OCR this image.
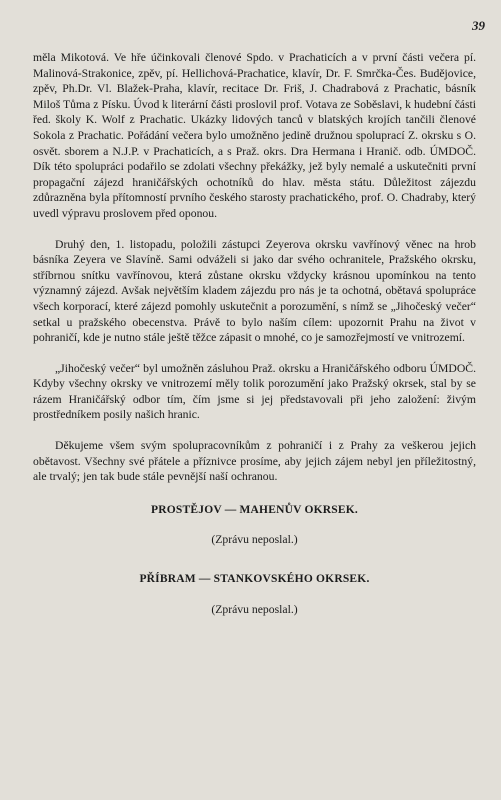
39

měla Mikotová. Ve hře účinkovali členové Spdo. v Prachaticích a v první části večera pí. Malinová-Strakonice, zpěv, pí. Hellichová-Prachatice, klavír, Dr. F. Smrčka-Čes. Budějovice, zpěv, Ph.Dr. Vl. Blažek-Praha, klavír, recitace Dr. Friš, J. Chadrabová z Prachatic, básník Miloš Tůma z Písku. Úvod k literární části proslovil prof. Votava ze Soběslavi, k hudební části řed. školy K. Wolf z Prachatic. Ukázky lidových tanců v blatských krojích tančili členové Sokola z Prachatic. Pořádání večera bylo umožněno jedině družnou spoluprací Z. okrsku s O. osvět. sborem a N.J.P. v Prachaticích, a s Praž. okrs. Dra Hermana i Hranič. odb. ÚMDOČ. Dík této spolupráci podařilo se zdolati všechny překážky, jež byly nemalé a uskutečniti první propagační zájezd hraničářských ochotníků do hlav. města státu. Důležitost zájezdu zdůrazněna byla přítomností prvního českého starosty prachatického, prof. O. Chadraby, který uvedl výpravu proslovem před oponou.

Druhý den, 1. listopadu, položili zástupci Zeyerova okrsku vavřínový věnec na hrob básníka Zeyera ve Slavíně. Sami odváželi si jako dar svého ochranitele, Pražského okrsku, stříbrnou snítku vavřínovou, která zůstane okrsku vždycky krásnou upomínkou na tento významný zájezd. Avšak největším kladem zájezdu pro nás je ta ochotná, obětavá spolupráce všech korporací, které zájezd pomohly uskutečnit a porozumění, s nímž se „Jihočeský večer“ setkal u pražského obecenstva. Právě to bylo naším cílem: upozornit Prahu na život v pohraničí, kde je nutno stále ještě těžce zápasit o mnohé, co je samozřejmostí ve vnitrozemí.

„Jihočeský večer“ byl umožněn zásluhou Praž. okrsku a Hraničářského odboru ÚMDOČ. Kdyby všechny okrsky ve vnitrozemí měly tolik porozumění jako Pražský okrsek, stal by se rázem Hraničářský odbor tím, čím jsme si jej představovali při jeho založení: živým prostředníkem posily našich hranic.

Děkujeme všem svým spolupracovníkům z pohraničí i z Prahy za veškerou jejich obětavost. Všechny své přátele a příznivce prosíme, aby jejich zájem nebyl jen příležitostný, ale trvalý; jen tak bude stále pevnější naší ochranou.

PROSTĚJOV — MAHENŮV OKRSEK.
(Zprávu neposlal.)
PŘÍBRAM — STANKOVSKÉHO OKRSEK.
(Zprávu neposlal.)
